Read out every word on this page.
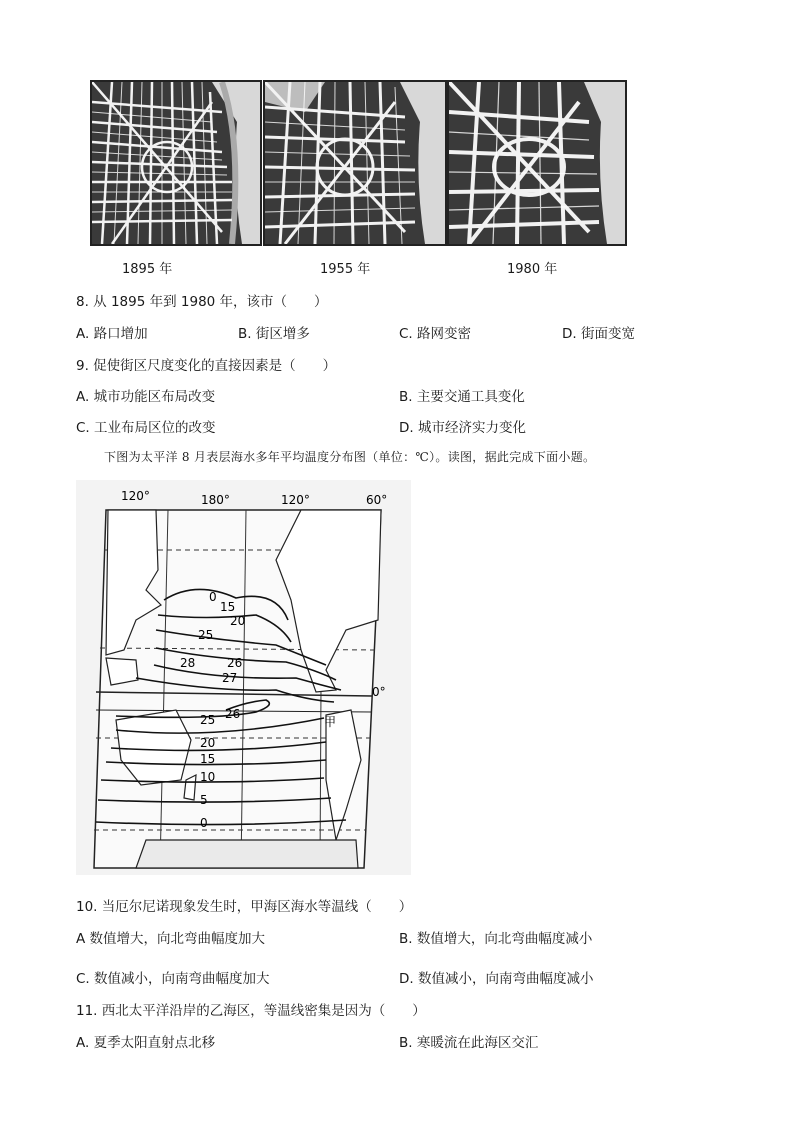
1895 年	1955 年	1980 年
8. 从 1895 年到 1980 年，该市（　　）
A. 路口增加	B. 街区增多	C. 路网变密	D. 街面变宽
9. 促使街区尺度变化的直接因素是（　　）
A. 城市功能区布局改变	B. 主要交通工具变化
C. 工业布局区位的改变	D. 城市经济实力变化
下图为太平洋 8 月表层海水多年平均温度分布图（单位：℃）。读图，据此完成下面小题。
120°	180°	120°	60°
0°
0
15
20
25
28	26
27
26
25
20
15
10
5
0
甲
10. 当厄尔尼诺现象发生时，甲海区海水等温线（　　）
A 数值增大，向北弯曲幅度加大	B. 数值增大，向北弯曲幅度减小
C. 数值减小，向南弯曲幅度加大	D. 数值减小，向南弯曲幅度减小
11. 西北太平洋沿岸的乙海区，等温线密集是因为（　　）
A. 夏季太阳直射点北移	B. 寒暖流在此海区交汇
